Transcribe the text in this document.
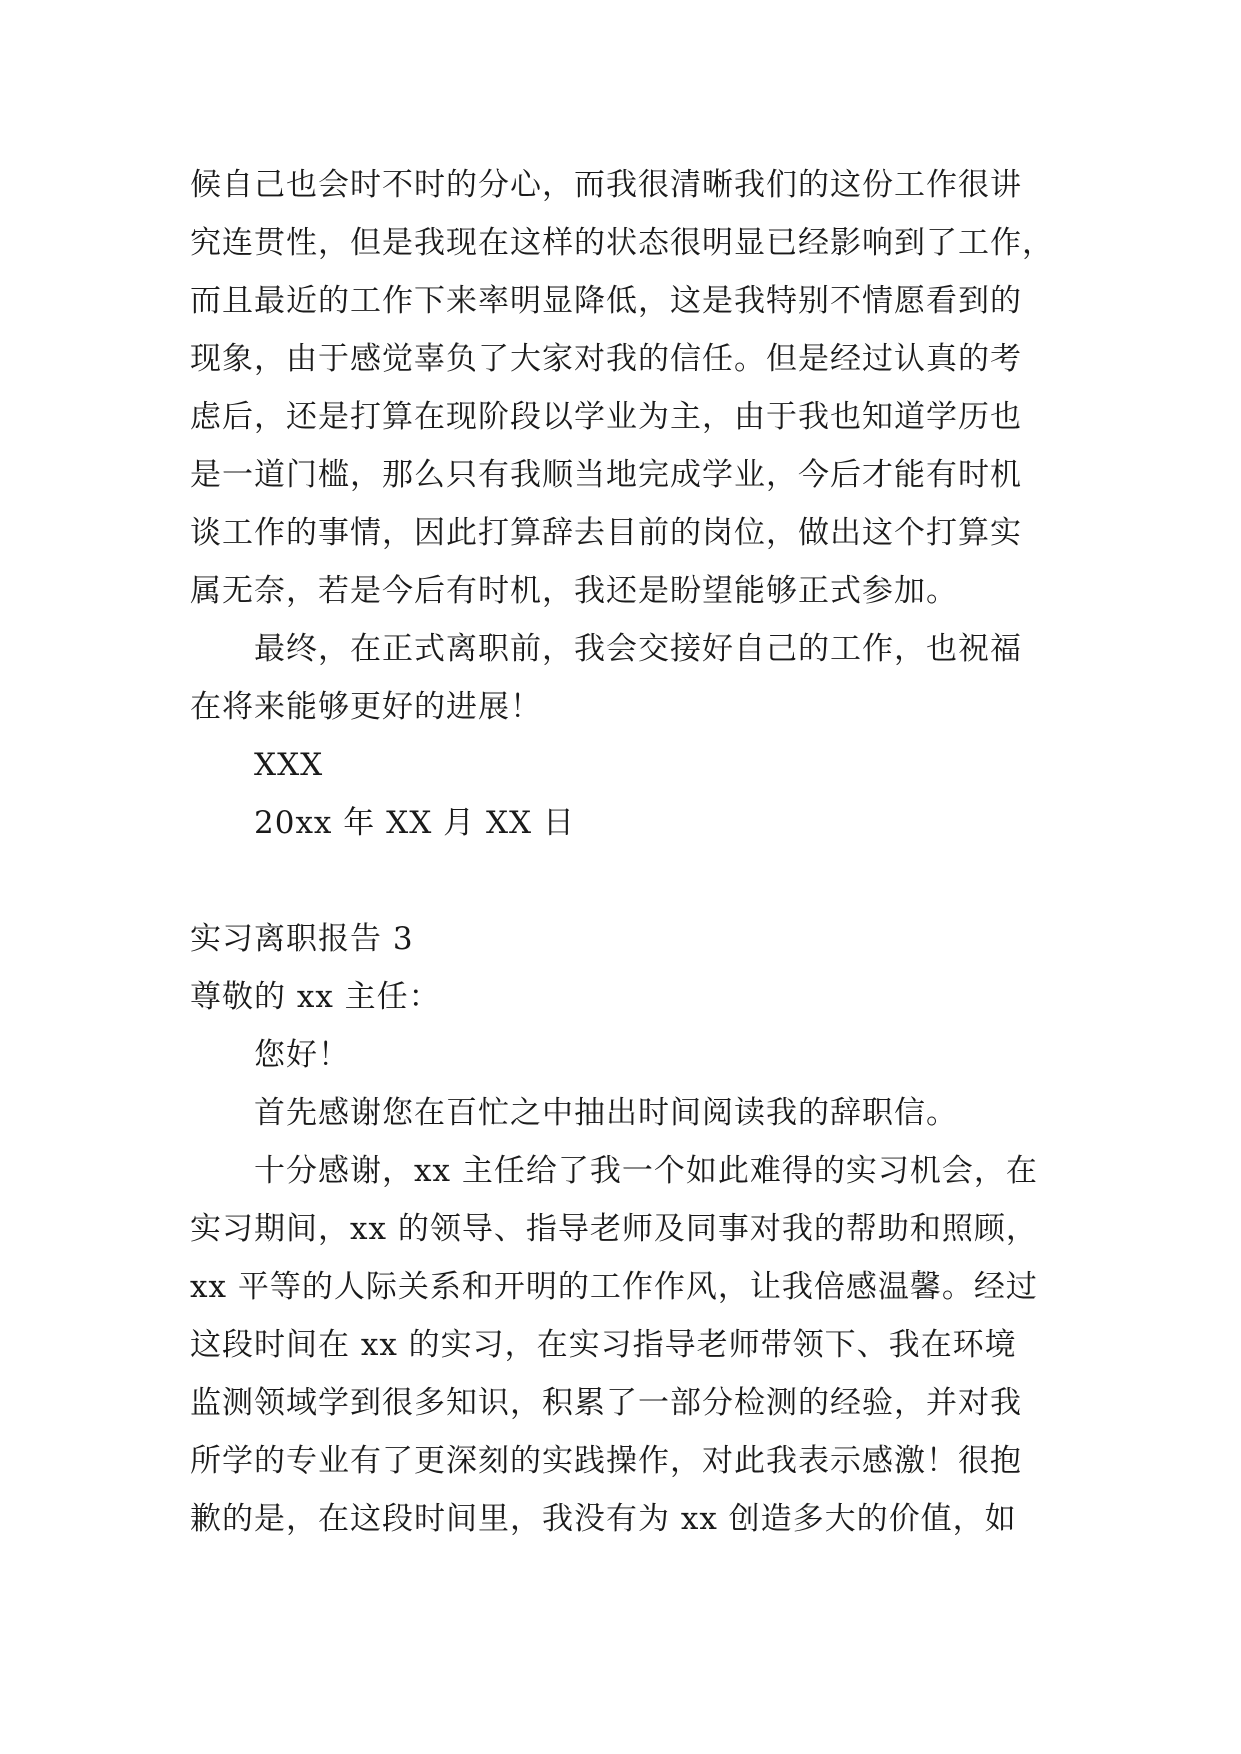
候自己也会时不时的分心，而我很清晰我们的这份工作很讲
究连贯性，但是我现在这样的状态很明显已经影响到了工作，
而且最近的工作下来率明显降低，这是我特别不情愿看到的
现象，由于感觉辜负了大家对我的信任。但是经过认真的考
虑后，还是打算在现阶段以学业为主，由于我也知道学历也
是一道门槛，那么只有我顺当地完成学业，今后才能有时机
谈工作的事情，因此打算辞去目前的岗位，做出这个打算实
属无奈，若是今后有时机，我还是盼望能够正式参加。
最终，在正式离职前，我会交接好自己的工作，也祝福
在将来能够更好的进展！
XXX
20xx 年 XX 月 XX 日
实习离职报告 3
尊敬的 xx 主任：
您好！
首先感谢您在百忙之中抽出时间阅读我的辞职信。
十分感谢，xx 主任给了我一个如此难得的实习机会，在
实习期间，xx 的领导、指导老师及同事对我的帮助和照顾，
xx 平等的人际关系和开明的工作作风，让我倍感温馨。经过
这段时间在 xx 的实习，在实习指导老师带领下、我在环境
监测领域学到很多知识，积累了一部分检测的经验，并对我
所学的专业有了更深刻的实践操作，对此我表示感激！很抱
歉的是，在这段时间里，我没有为 xx 创造多大的价值，如
